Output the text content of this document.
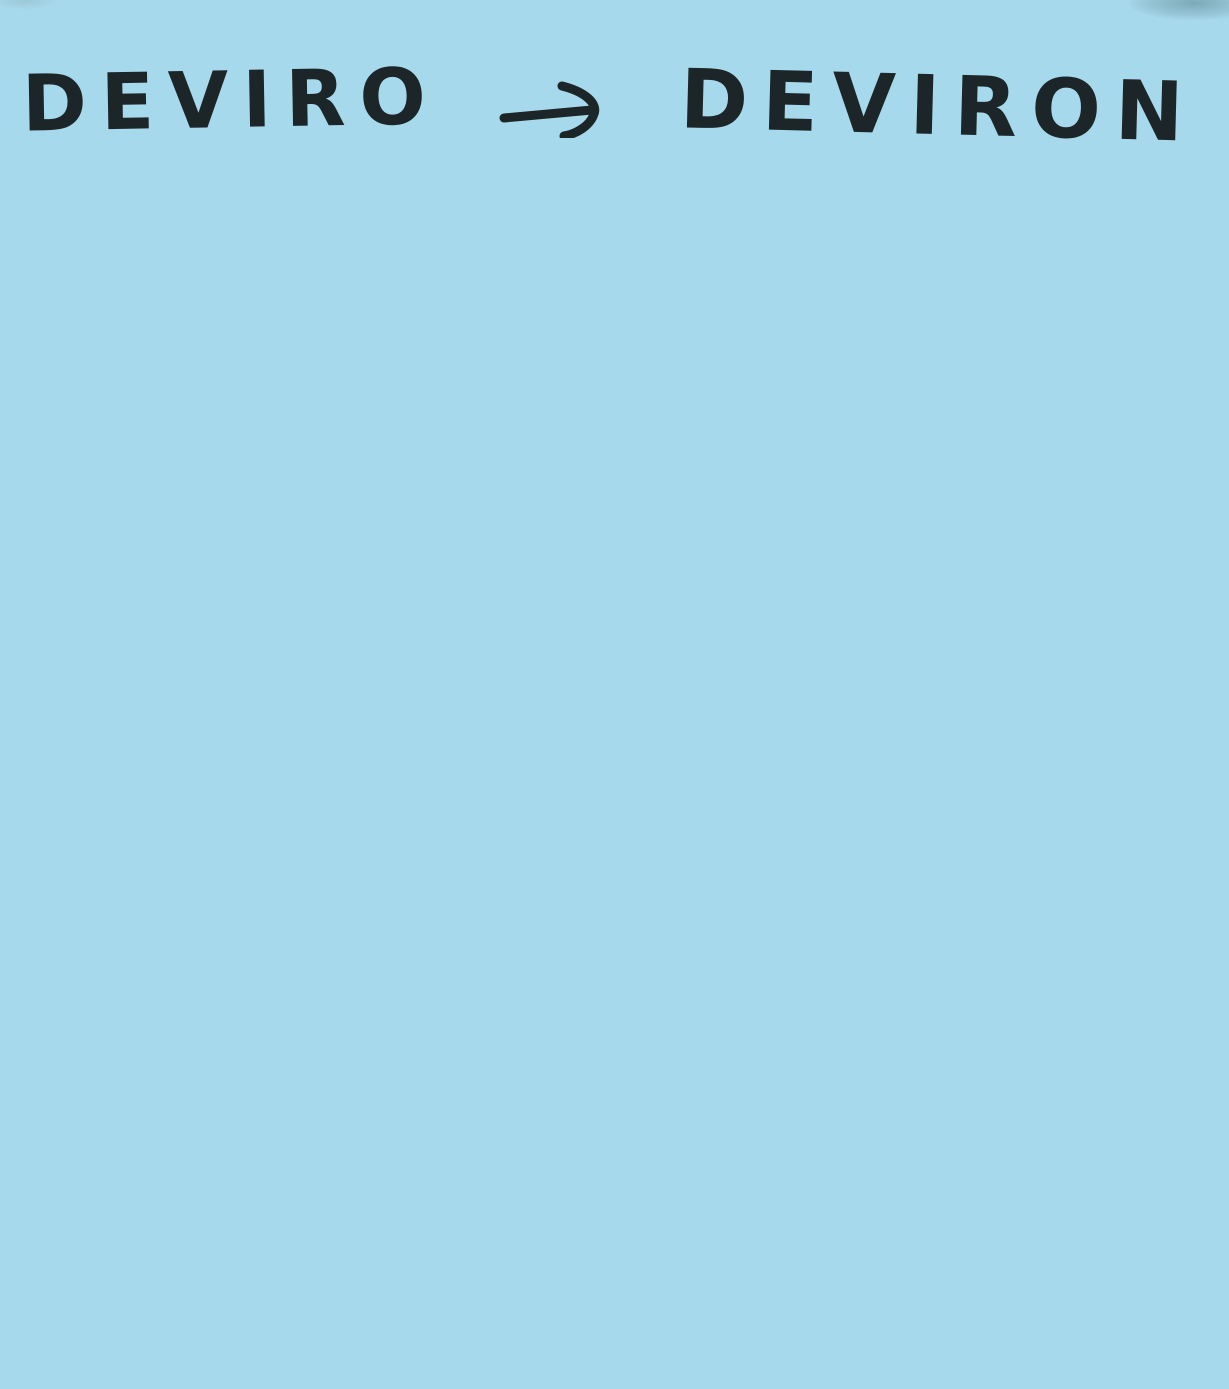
DEVIRO	DEVIRON
